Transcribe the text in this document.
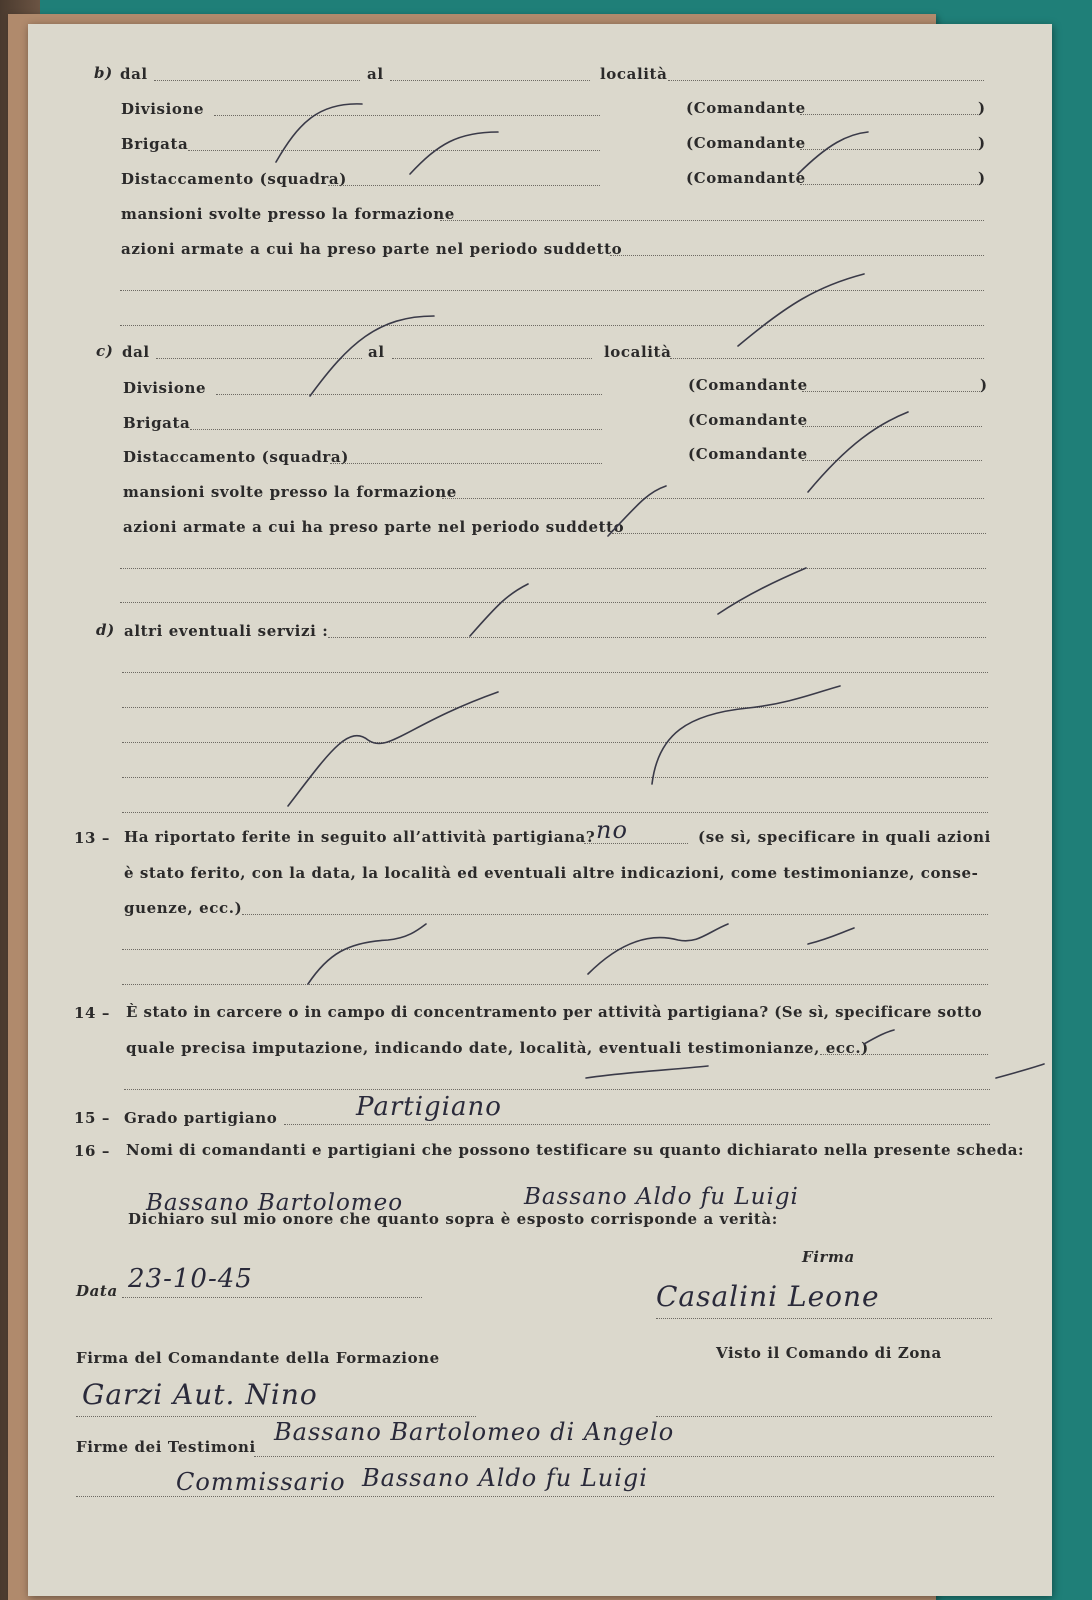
b) dal	al	località
Divisione	(Comandante	)
Brigata	(Comandante	)
Distaccamento (squadra)	(Comandante	)
mansioni svolte presso la formazione
azioni armate a cui ha preso parte nel periodo suddetto
c) dal	al	località
Divisione	(Comandante	)
Brigata	(Comandante
Distaccamento (squadra)	(Comandante
mansioni svolte presso la formazione
azioni armate a cui ha preso parte nel periodo suddetto
d) altri eventuali servizi :
13 – Ha riportato ferite in seguito all’attività partigiana? no	(se sì, specificare in quali azioni
è stato ferito, con la data, la località ed eventuali altre indicazioni, come testimonianze, conse-
guenze, ecc.)
14 – È stato in carcere o in campo di concentramento per attività partigiana? (Se sì, specificare sotto
quale precisa imputazione, indicando date, località, eventuali testimonianze, ecc.)
15 – Grado partigiano	Partigiano
16 – Nomi di comandanti e partigiani che possono testificare su quanto dichiarato nella presente scheda:
Bassano Bartolomeo	Bassano Aldo fu Luigi
Dichiaro sul mio onore che quanto sopra è esposto corrisponde a verità:
Firma
Data 23-10-45
Casalini Leone
Firma del Comandante della Formazione	Visto il Comando di Zona
Garzi Aut. Nino
Firme dei Testimoni
Bassano Bartolomeo di Angelo
Commissario Bassano Aldo fu Luigi
